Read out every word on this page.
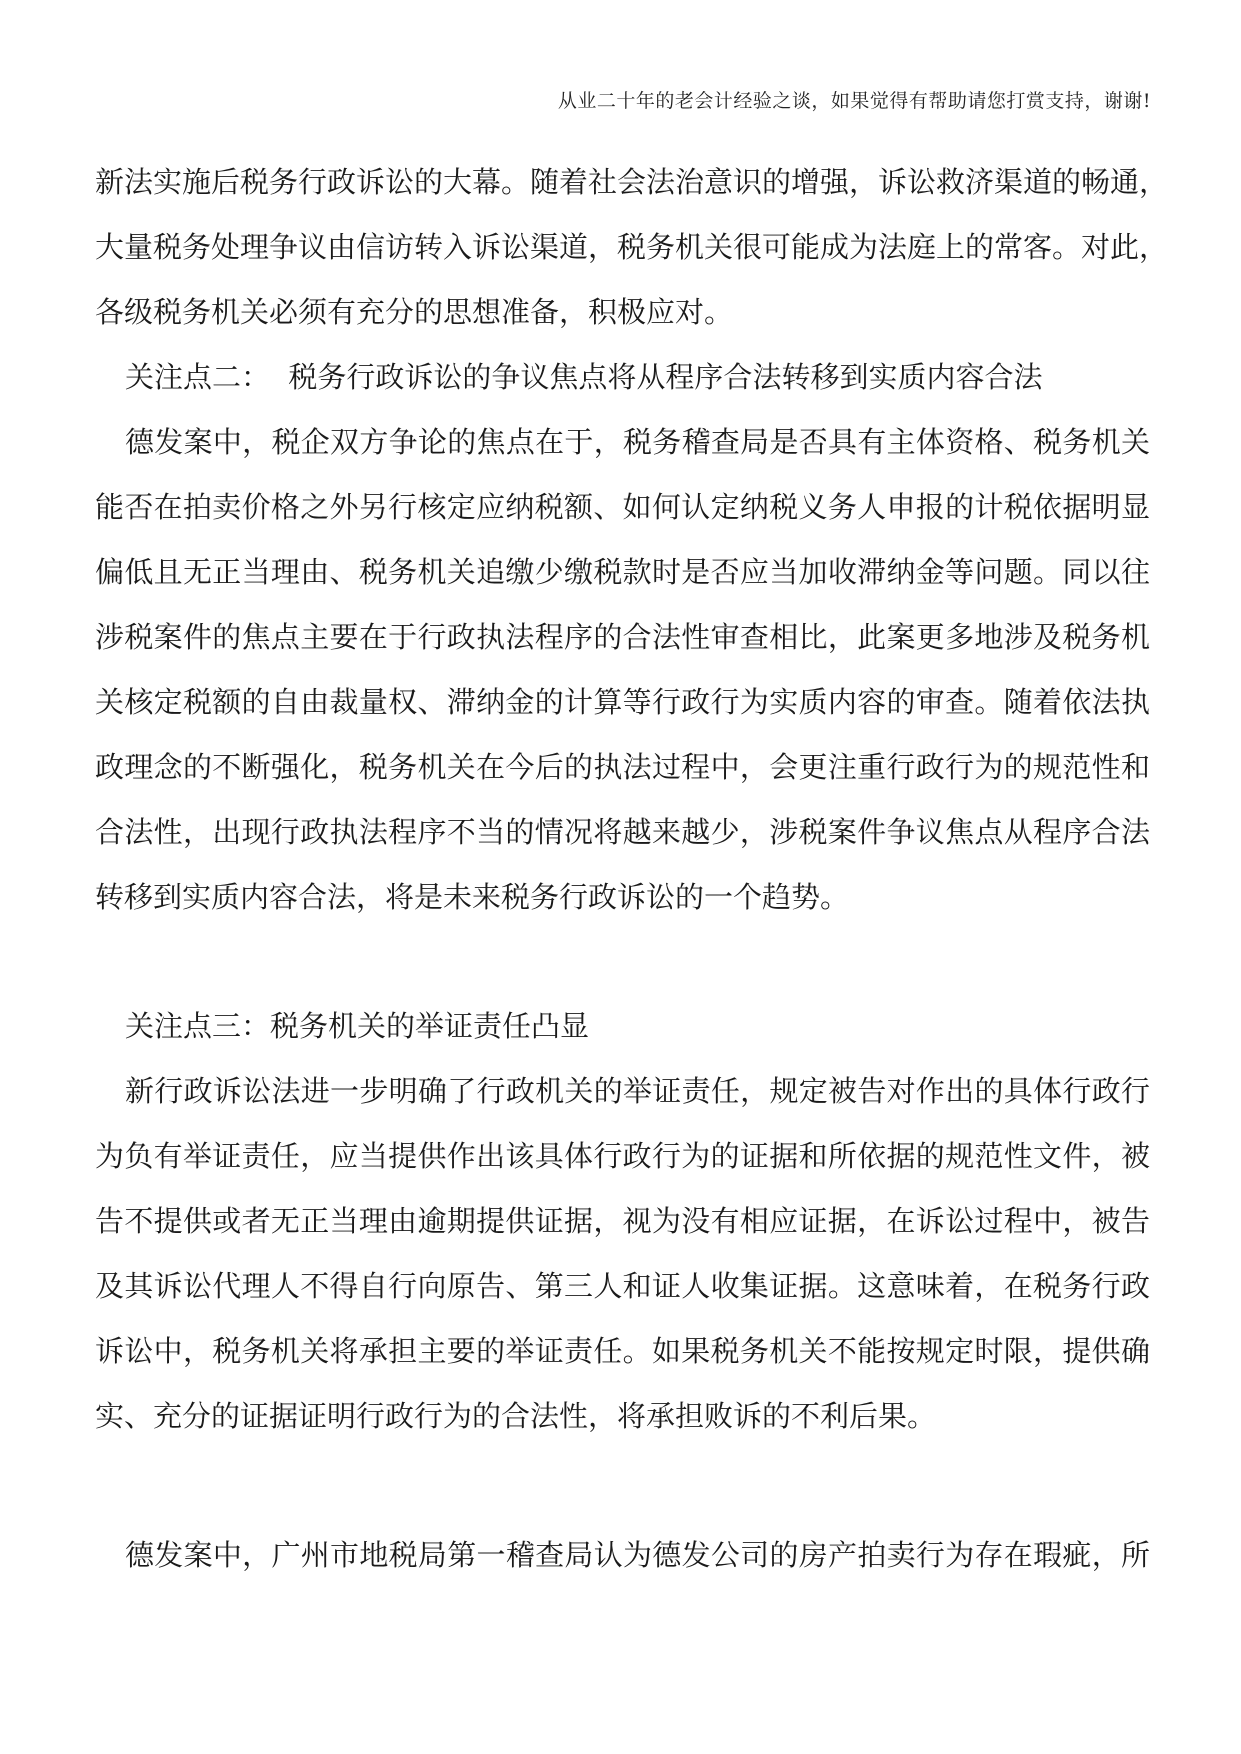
从业二十年的老会计经验之谈，如果觉得有帮助请您打赏支持，谢谢!

新法实施后税务行政诉讼的大幕。随着社会法治意识的增强，诉讼救济渠道的畅通，
大量税务处理争议由信访转入诉讼渠道，税务机关很可能成为法庭上的常客。对此，
各级税务机关必须有充分的思想准备，积极应对。

关注点二：  税务行政诉讼的争议焦点将从程序合法转移到实质内容合法

德发案中，税企双方争论的焦点在于，税务稽查局是否具有主体资格、税务机关
能否在拍卖价格之外另行核定应纳税额、如何认定纳税义务人申报的计税依据明显
偏低且无正当理由、税务机关追缴少缴税款时是否应当加收滞纳金等问题。同以往
涉税案件的焦点主要在于行政执法程序的合法性审查相比，此案更多地涉及税务机
关核定税额的自由裁量权、滞纳金的计算等行政行为实质内容的审查。随着依法执
政理念的不断强化，税务机关在今后的执法过程中，会更注重行政行为的规范性和
合法性，出现行政执法程序不当的情况将越来越少，涉税案件争议焦点从程序合法
转移到实质内容合法，将是未来税务行政诉讼的一个趋势。

关注点三：税务机关的举证责任凸显

新行政诉讼法进一步明确了行政机关的举证责任，规定被告对作出的具体行政行
为负有举证责任，应当提供作出该具体行政行为的证据和所依据的规范性文件，被
告不提供或者无正当理由逾期提供证据，视为没有相应证据，在诉讼过程中，被告
及其诉讼代理人不得自行向原告、第三人和证人收集证据。这意味着，在税务行政
诉讼中，税务机关将承担主要的举证责任。如果税务机关不能按规定时限，提供确
实、充分的证据证明行政行为的合法性，将承担败诉的不利后果。

德发案中，广州市地税局第一稽查局认为德发公司的房产拍卖行为存在瑕疵，所
